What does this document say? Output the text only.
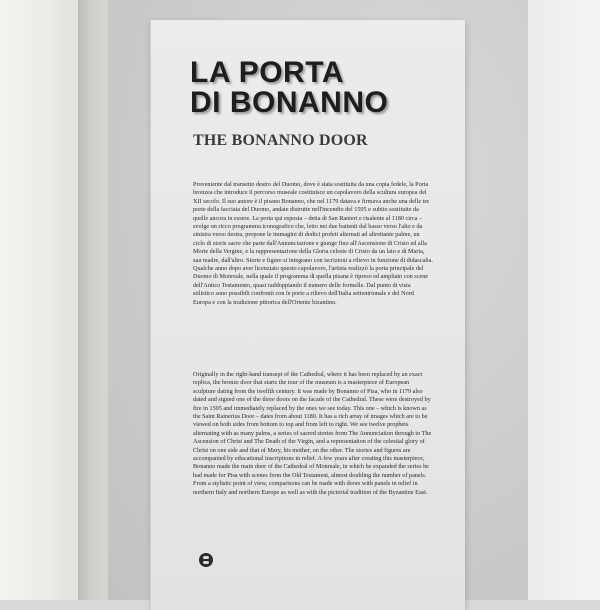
LA PORTA
DI BONANNO
THE BONANNO DOOR

Proveniente dal transetto destro del Duomo, dove è stata sostituita da una copia fedele, la Porta bronzea che introduce il percorso museale costituisce un capolavoro della scultura europea del XII secolo. Il suo autore è il pisano Bonanno, che nel 1179 datava e firmava anche una delle tre porte della facciata del Duomo, andate distrutte nell'incendio del 1595 e subito sostituite da quelle ancora in essere. La porta qui esposta – detta di San Ranieri e risalente al 1180 circa – svolge un ricco programma iconografico che, letto nei due battenti dal basso verso l'alto e da sinistra verso destra, propone le immagini di dodici profeti alternati ad altrettante palme, un ciclo di storie sacre che parte dall'Annunciazione e giunge fino all'Ascensione di Cristo ed alla Morte della Vergine, e la rappresentazione della Gloria celeste di Cristo da un lato e di Maria, sua madre, dall'altro. Storie e figure si integrano con iscrizioni a rilievo in funzione di didascalia. Qualche anno dopo aver licenziato questo capolavoro, l'artista realizzò la porta principale del Duomo di Monreale, nella quale il programma di quella pisana è ripreso ed ampliato con scene dell'Antico Testamento, quasi raddoppiando il numero delle formelle. Dal punto di vista stilistico sono possibili confronti con le porte a rilievo dell'Italia settentrionale e del Nord Europa e con la tradizione pittorica dell'Oriente bizantino.

Originally in the right-hand transept of the Cathedral, where it has been replaced by an exact replica, the bronze door that starts the tour of the museum is a masterpiece of European sculpture dating from the twelfth century. It was made by Bonanno of Pisa, who in 1179 also dated and signed one of the three doors on the facade of the Cathedral. These were destroyed by fire in 1595 and immediately replaced by the ones we see today. This one – which is known as the Saint Rainerius Door – dates from about 1180. It has a rich array of images which are to be viewed on both sides from bottom to top and from left to right. We see twelve prophets alternating with as many palms, a series of sacred stories from The Annunciation through to The Ascension of Christ and The Death of the Virgin, and a representation of the celestial glory of Christ on one side and that of Mary, his mother, on the other. The stories and figures are accompanied by educational inscriptions in relief. A few years after creating this masterpiece, Bonanno made the main door of the Cathedral of Monreale, in which he expanded the series he had made for Pisa with scenes from the Old Testament, almost doubling the number of panels. From a stylistic point of view, comparisons can be made with doors with panels in relief in northern Italy and northern Europe as well as with the pictorial tradition of the Byzantine East.
